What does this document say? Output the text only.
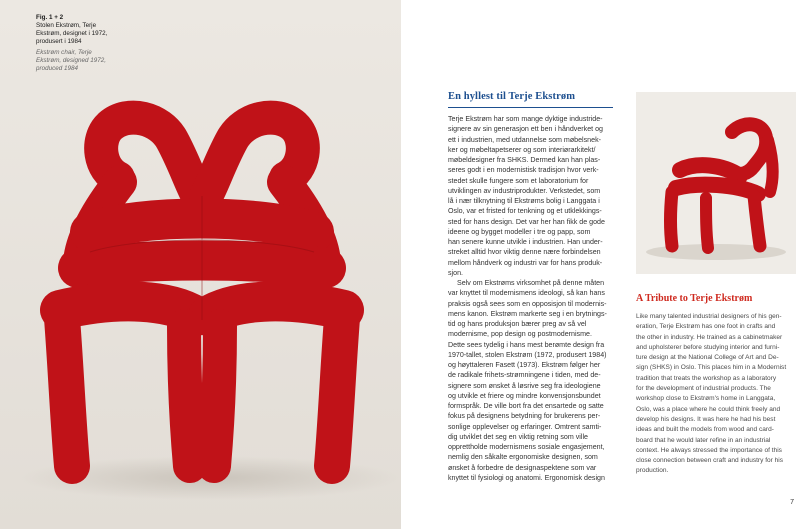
Fig. 1 + 2
Stolen Ekstrøm, Terje
Ekstrøm, designet i 1972,
produsert i 1984
Ekstrøm chair, Terje
Ekstrøm, designed 1972,
produced 1984
En hyllest til Terje Ekstrøm
Terje Ekstrøm har som mange dyktige industride-
signere av sin generasjon ett ben i håndverket og
ett i industrien, med utdannelse som møbelsnek-
ker og møbeltapetserer og som interiørarkitekt/
møbeldesigner fra SHKS. Dermed kan han plas-
seres godt i en modernistisk tradisjon hvor verk-
stedet skulle fungere som et laboratorium for
utviklingen av industriprodukter. Verkstedet, som
lå i nær tilknytning til Ekstrøms bolig i Langgata i
Oslo, var et fristed for tenkning og et utklekkings-
sted for hans design. Det var her han fikk de gode
ideene og bygget modeller i tre og papp, som
han senere kunne utvikle i industrien. Han under-
streket alltid hvor viktig denne nære forbindelsen
mellom håndverk og industri var for hans produk-
sjon.
Selv om Ekstrøms virksomhet på denne måten
var knyttet til modernismens ideologi, så kan hans
praksis også sees som en opposisjon til modernis-
mens kanon. Ekstrøm markerte seg i en brytnings-
tid og hans produksjon bærer preg av så vel
modernisme, pop design og postmodernisme.
Dette sees tydelig i hans mest berømte design fra
1970-tallet, stolen Ekstrøm (1972, produsert 1984)
og høyttaleren Fasett (1973). Ekstrøm følger her
de radikale frihets-strømningene i tiden, med de-
signere som ønsket å løsrive seg fra ideologiene
og utvikle et friere og mindre konvensjonsbundet
formspråk. De ville bort fra det ensartede og satte
fokus på designens betydning for brukerens per-
sonlige opplevelser og erfaringer. Omtrent samti-
dig utviklet det seg en viktig retning som ville
opprettholde modernismens sosiale engasjement,
nemlig den såkalte ergonomiske designen, som
ønsket å forbedre de designaspektene som var
knyttet til fysiologi og anatomi. Ergonomisk design
A Tribute to Terje Ekstrøm
Like many talented industrial designers of his gen-
eration, Terje Ekstrøm has one foot in crafts and
the other in industry. He trained as a cabinetmaker
and upholsterer before studying interior and furni-
ture design at the National College of Art and De-
sign (SHKS) in Oslo. This places him in a Modernist
tradition that treats the workshop as a laboratory
for the development of industrial products. The
workshop close to Ekstrøm's home in Langgata,
Oslo, was a place where he could think freely and
develop his designs. It was here he had his best
ideas and built the models from wood and card-
board that he would later refine in an industrial
context. He always stressed the importance of this
close connection between craft and industry for his
production.
7
